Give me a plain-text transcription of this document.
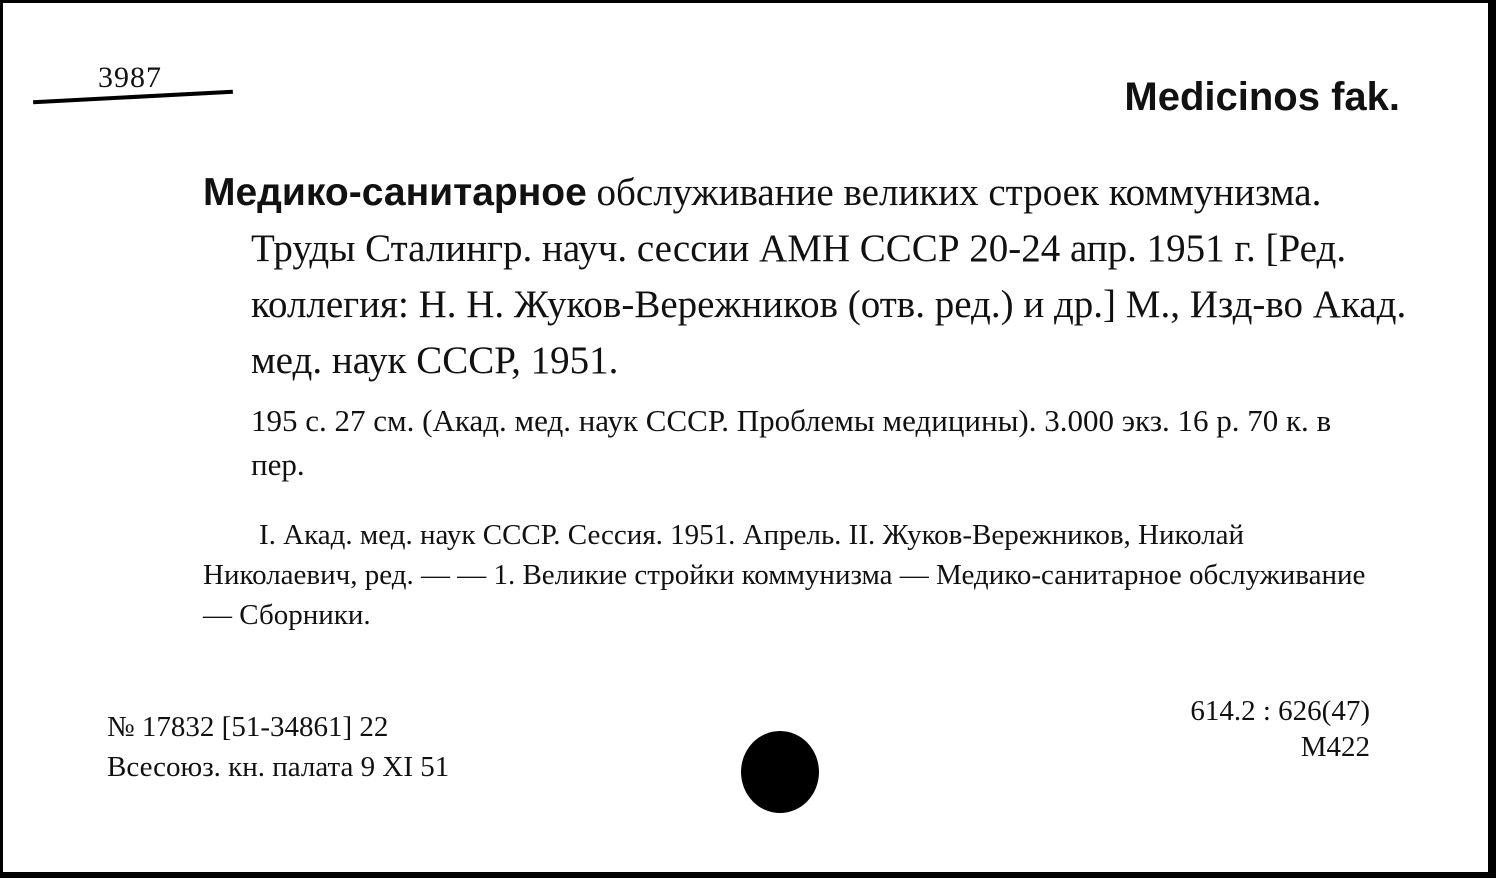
3987	Medicinos fak.
Медико-санитарное обслуживание великих строек коммунизма. Труды Сталингр. науч. сессии АМН СССР 20-24 апр. 1951 г. [Ред. коллегия: Н. Н. Жуков-Вережников (отв. ред.) и др.] М., Изд-во Акад. мед. наук СССР, 1951.
195 с. 27 см. (Акад. мед. наук СССР. Проблемы медицины). 3.000 экз. 16 р. 70 к. в пер.
I. Акад. мед. наук СССР. Сессия. 1951. Апрель. II. Жуков-Вережников, Николай Николаевич, ред. — — 1. Великие стройки коммунизма — Медико-санитарное обслуживание — Сборники.
№ 17832 [51-34861] 22
Всесоюз. кн. палата 9 XI 51
614.2 : 626(47)
M422
